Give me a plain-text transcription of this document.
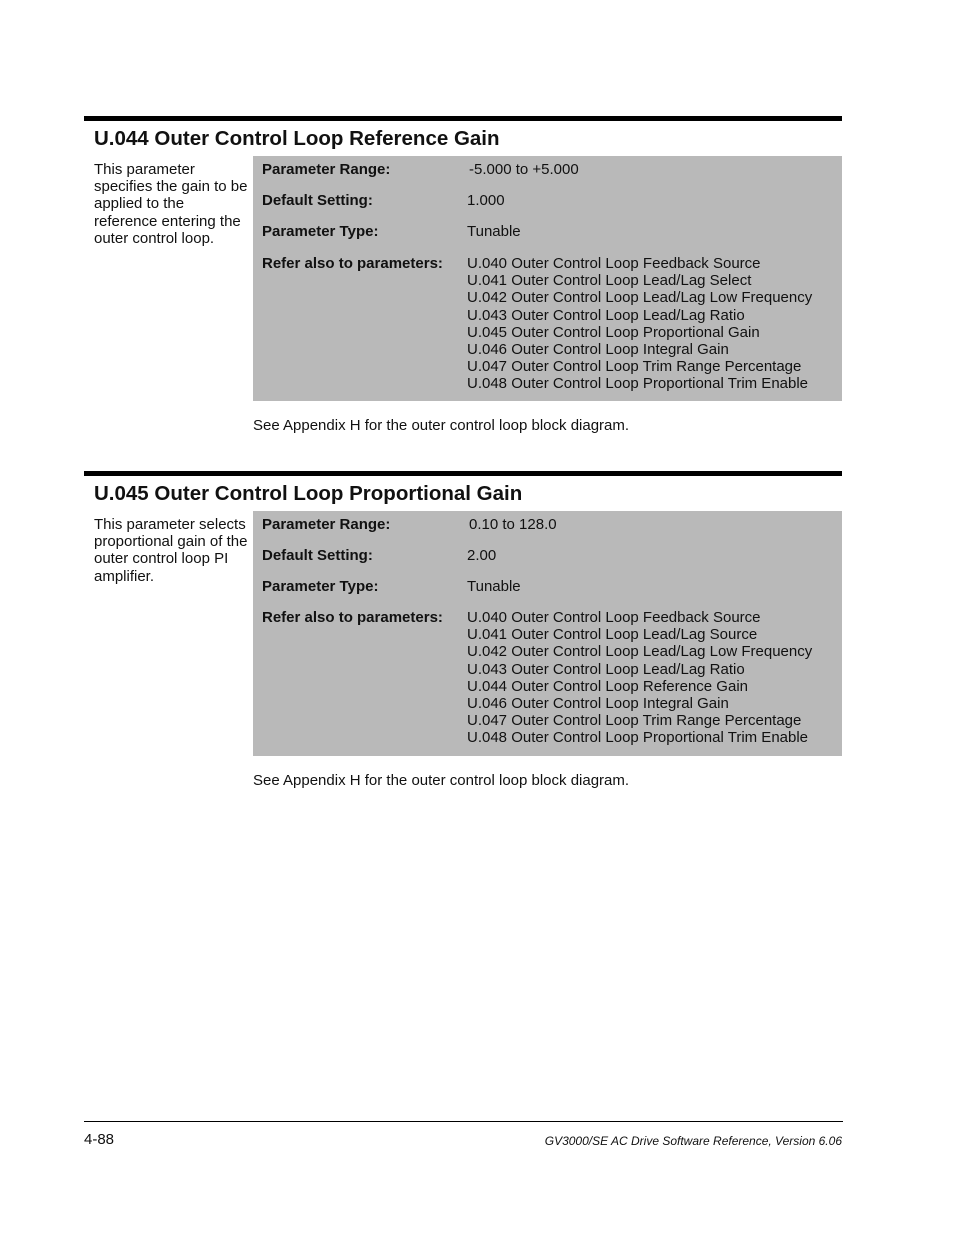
U.044 Outer Control Loop Reference Gain
This parameter specifies the gain to be applied to the reference entering the outer control loop.
Parameter Range:	-5.000 to +5.000
Default Setting:	1.000
Parameter Type:	Tunable
Refer also to parameters: U.040 Outer Control Loop Feedback Source
U.041 Outer Control Loop Lead/Lag Select
U.042 Outer Control Loop Lead/Lag Low Frequency
U.043 Outer Control Loop Lead/Lag Ratio
U.045 Outer Control Loop Proportional Gain
U.046 Outer Control Loop Integral Gain
U.047 Outer Control Loop Trim Range Percentage
U.048 Outer Control Loop Proportional Trim Enable
See Appendix H for the outer control loop block diagram.
U.045 Outer Control Loop Proportional Gain
This parameter selects proportional gain of the outer control loop PI amplifier.
Parameter Range:	0.10 to 128.0
Default Setting:	2.00
Parameter Type:	Tunable
Refer also to parameters: U.040 Outer Control Loop Feedback Source
U.041 Outer Control Loop Lead/Lag Source
U.042 Outer Control Loop Lead/Lag Low Frequency
U.043 Outer Control Loop Lead/Lag Ratio
U.044 Outer Control Loop Reference Gain
U.046 Outer Control Loop Integral Gain
U.047 Outer Control Loop Trim Range Percentage
U.048 Outer Control Loop Proportional Trim Enable
See Appendix H for the outer control loop block diagram.
4-88	GV3000/SE AC Drive Software Reference, Version 6.06
